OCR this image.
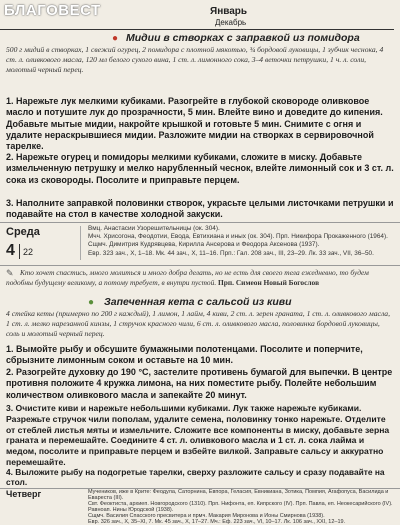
БЛАГОВЕСТ	Январь
Декабрь
● Мидии в створках с заправкой из помидора
500 г мидий в створках, 1 свежий огурец, 2 помидора с плотной мякотью, ¾ бордовой луковицы, 1 зубчик чеснока, 4 ст. л. оливкового масла, 120 мл белого сухого вина, 1 ст. л. лимонного сока, 3–4 веточки петрушки, 1 ч. л. соли, молотый черный перец.
1. Нарежьте лук мелкими кубиками. Разогрейте в глубокой сковороде оливковое масло и потушите лук до прозрачности, 5 мин. Влейте вино и доведите до кипения. Добавьте мытые мидии, накройте крышкой и готовьте 5 мин. Снимите с огня и удалите нераскрывшиеся мидии. Разложите мидии на створках в сервировочной тарелке.
2. Нарежьте огурец и помидоры мелкими кубиками, сложите в миску. Добавьте измельченную петрушку и мелко нарубленный чеснок, влейте лимонный сок и 3 ст. л. сока из сковороды. Посолите и приправьте перцем.
3. Наполните заправкой половинки створок, украсьте целыми листочками петрушки и подавайте на стол в качестве холодной закуски.
Среда
4 22
Вмц. Анастасии Узорешительницы (ок. 304).
Мчч. Хрисогона, Феодотии, Евода, Евтихиана и иных (ок. 304). Прп. Никифора Прокаженного (1964).
Сщмч. Димитрия Кудрявцева, Кирилла Ансерова и Феодора Аксенова (1937).
Евр. 323 зач., X, 1–18. Мк. 44 зач., X, 11–16. Прп.: Гал. 208 зач., III, 23–29. Лк. 33 зач., VII, 36–50.
✎ Кто хочет спастись, много молиться и много добра делать, но не есть для своего тела ежедневно, то будем подобны будущему великому, а потому требует, в внутри пустой. Прп. Симеон Новый Богослов
● Запеченная кета с сальсой из киви
4 стейка кеты (примерно по 200 г каждый), 1 лимон, 1 лайм, 4 киви, 2 ст. л. зерен граната, 1 ст. л. оливкового масла, 1 ст. л. мелко нарезанной кинзы, 1 стручок красного чили, 6 ст. л. оливкового масла, половинка бордовой луковицы, соль и молотый черный перец.
1. Вымойте рыбу и обсушите бумажными полотенцами. Посолите и поперчите, сбрызните лимонным соком и оставьте на 10 мин.
2. Разогрейте духовку до 190 °C, застелите противень бумагой для выпечки. В центре противня положите 4 кружка лимона, на них поместите рыбу. Полейте небольшим количеством оливкового масла и запекайте 20 минут.
3. Очистите киви и нарежьте небольшими кубиками. Лук также нарежьте кубиками. Разрежьте стручок чили пополам, удалите семена, половинку тонко нарежьте. Отделите от стеблей листья мяты и измельчите. Сложите все компоненты в миску, добавьте зерна граната и перемешайте. Соедините 4 ст. л. оливкового масла и 1 ст. л. сока лайма и медом, посолите и приправьте перцем и взбейте вилкой. Заправьте сальсу и аккуратно перемешайте.
4. Выложите рыбу на подогретые тарелки, сверху разложите сальсу и сразу подавайте на стол.
Четверг	Мучеников, иже в Крите: Феодула, Саторнина, Евпора, Геласия, Евникиана, Зотика, Помпия, Агафопуса, Василида и Евареста (III).
Свт. Феоктиста, архиеп. Новгородского (1310). Прп. Нифонта, еп. Кипрского (IV). Прп. Павла, еп. Неокесарийского (IV). Равноап. Нины Юродской (1938).
Сщмч. Василия Спасского пресвитера и прмч. Макария Миронова и Ионы Смирнова (1938).
Евр. 326 зач., X, 35–XI, 7. Мк. 45 зач., X, 17–27. Мч.: Еф. 223 зач., VI, 10–17. Лк. 106 зач., XXI, 12–19.
